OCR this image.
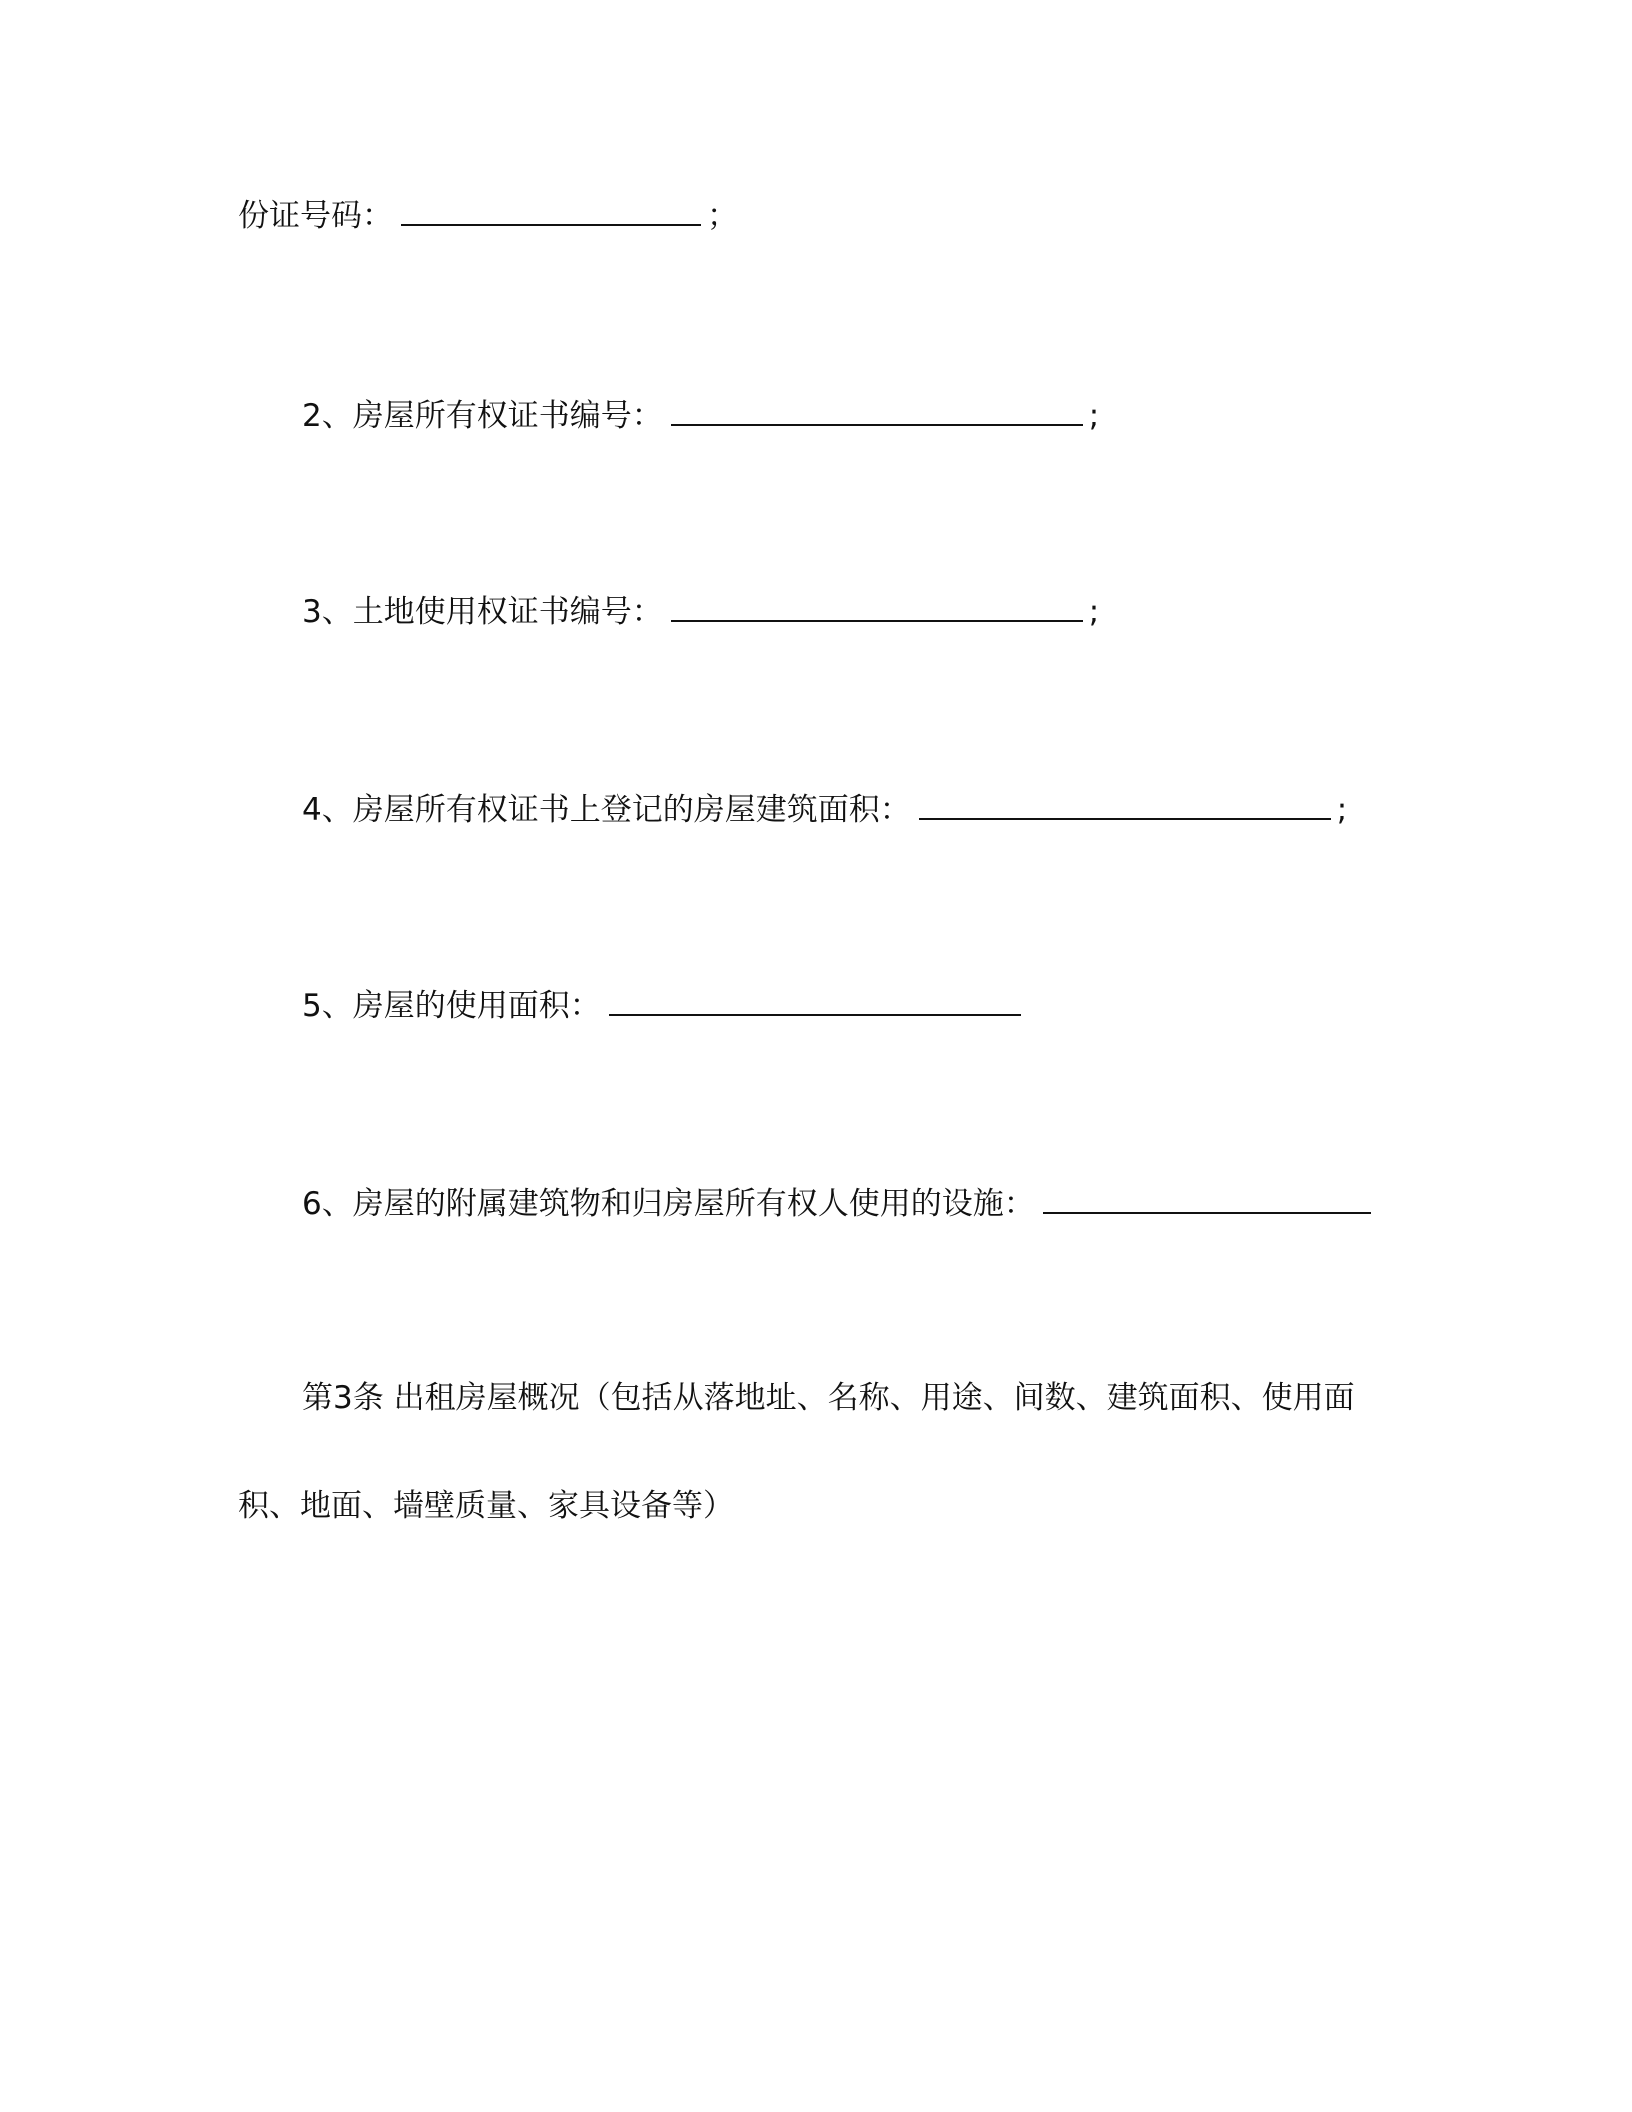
份证号码：	；
2、房屋所有权证书编号：	;
3、土地使用权证书编号：	;
4、房屋所有权证书上登记的房屋建筑面积：	;
5、房屋的使用面积：
6、房屋的附属建筑物和归房屋所有权人使用的设施：
第3条 出租房屋概况（包括从落地址、名称、用途、间数、建筑面积、使用面
积、地面、墙壁质量、家具设备等）
